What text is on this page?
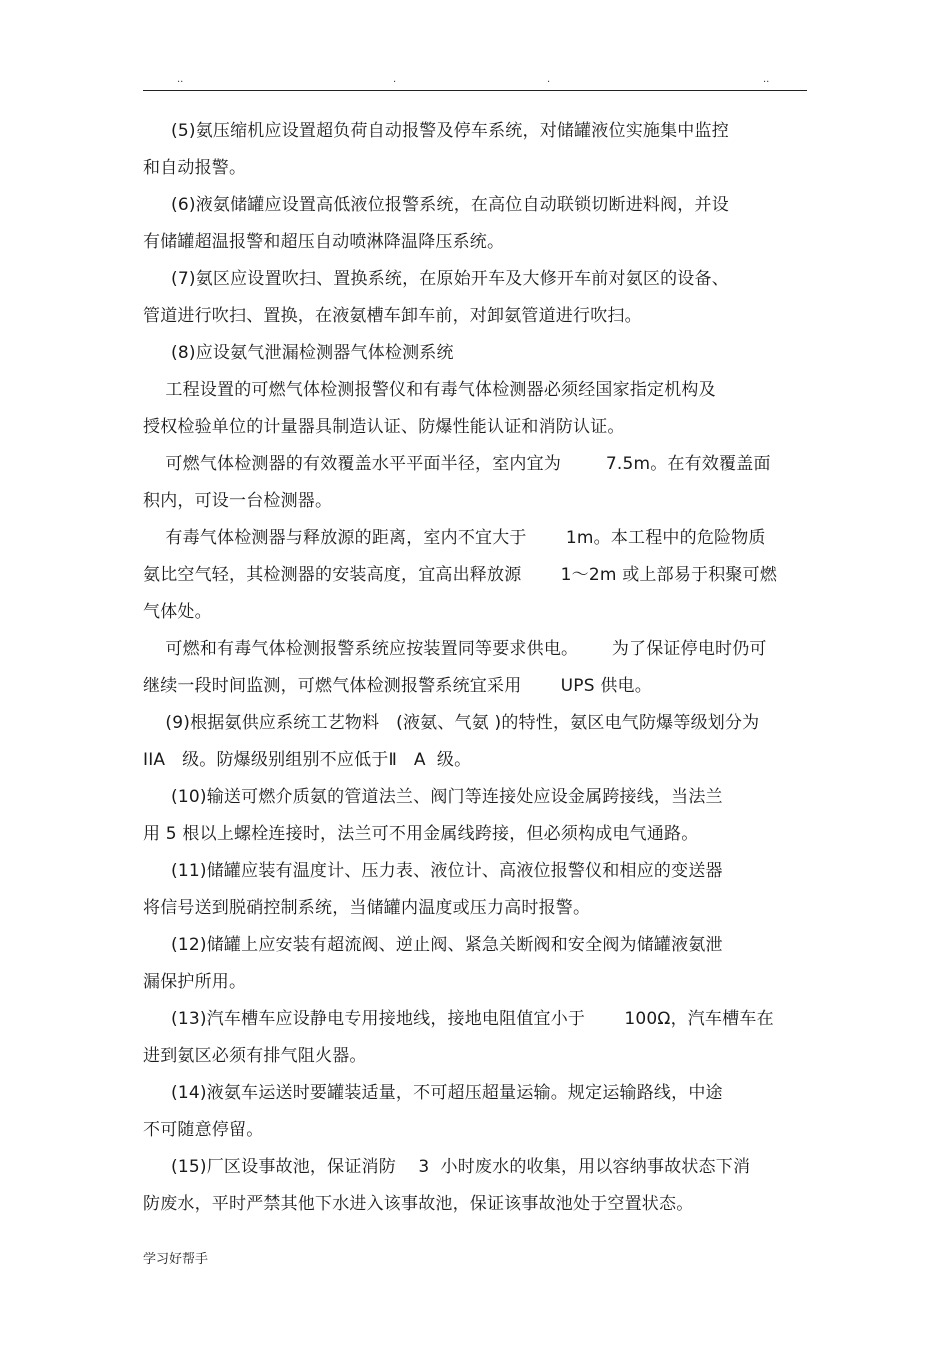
..	.	.	..
(5)氨压缩机应设置超负荷自动报警及停车系统，对储罐液位实施集中监控
和自动报警。
(6)液氨储罐应设置高低液位报警系统，在高位自动联锁切断进料阀，并设
有储罐超温报警和超压自动喷淋降温降压系统。
(7)氨区应设置吹扫、置换系统，在原始开车及大修开车前对氨区的设备、
管道进行吹扫、置换，在液氨槽车卸车前，对卸氨管道进行吹扫。
(8)应设氨气泄漏检测器气体检测系统
工程设置的可燃气体检测报警仪和有毒气体检测器必须经国家指定机构及
授权检验单位的计量器具制造认证、防爆性能认证和消防认证。
可燃气体检测器的有效覆盖水平平面半径，室内宜为        7.5m。在有效覆盖面
积内，可设一台检测器。
有毒气体检测器与释放源的距离，室内不宜大于       1m。本工程中的危险物质
氨比空气轻，其检测器的安装高度，宜高出释放源       1～2m 或上部易于积聚可燃
气体处。
可燃和有毒气体检测报警系统应按装置同等要求供电。      为了保证停电时仍可
继续一段时间监测，可燃气体检测报警系统宜采用       UPS 供电。
(9)根据氨供应系统工艺物料   (液氨、气氨 )的特性，氨区电气防爆等级划分为
IIA   级。防爆级别组别不应低于Ⅱ   A  级。
(10)输送可燃介质氨的管道法兰、阀门等连接处应设金属跨接线，当法兰
用 5 根以上螺栓连接时，法兰可不用金属线跨接，但必须构成电气通路。
(11)储罐应装有温度计、压力表、液位计、高液位报警仪和相应的变送器
将信号送到脱硝控制系统，当储罐内温度或压力高时报警。
(12)储罐上应安装有超流阀、逆止阀、紧急关断阀和安全阀为储罐液氨泄
漏保护所用。
(13)汽车槽车应设静电专用接地线，接地电阻值宜小于       100Ω，汽车槽车在
进到氨区必须有排气阻火器。
(14)液氨车运送时要罐装适量，不可超压超量运输。规定运输路线，中途
不可随意停留。
(15)厂区设事故池，保证消防    3  小时废水的收集，用以容纳事故状态下消
防废水，平时严禁其他下水进入该事故池，保证该事故池处于空置状态。
学习好帮手
